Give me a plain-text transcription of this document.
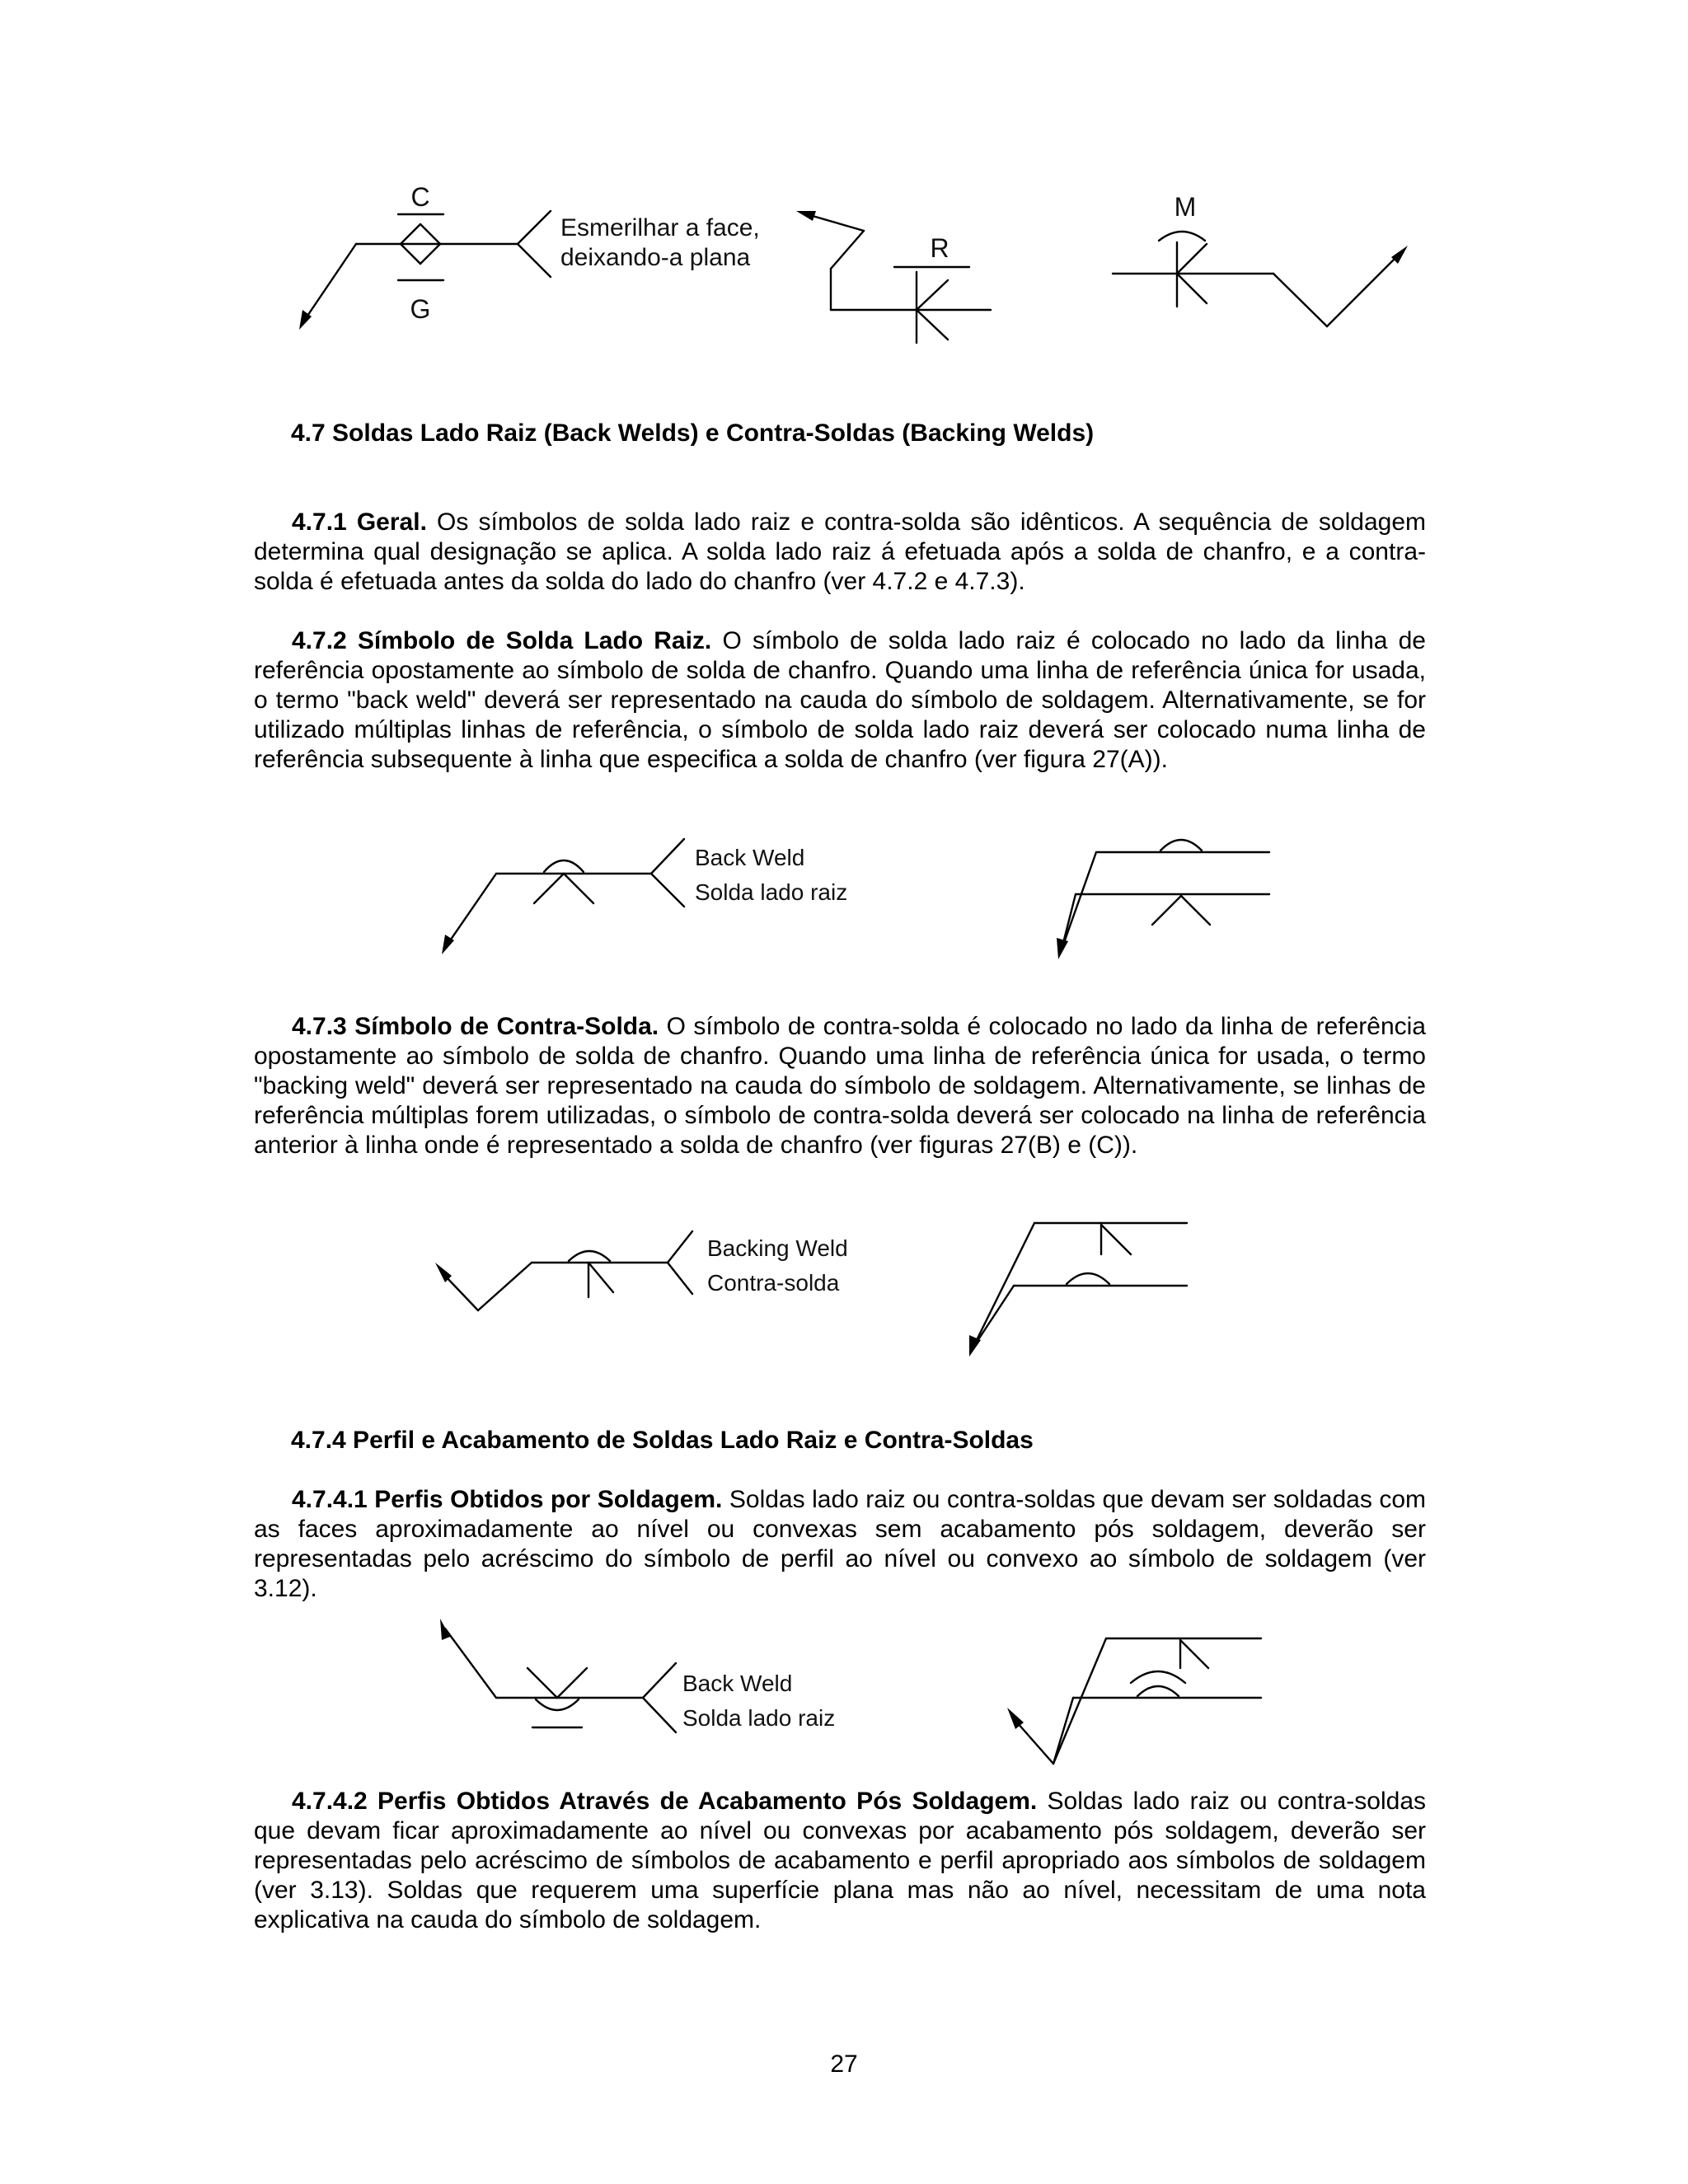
C
G
Esmerilhar a face,
deixando-a plana	R
M
4.7 Soldas Lado Raiz (Back Welds) e Contra-Soldas (Backing Welds)
4.7.1 Geral. Os símbolos de solda lado raiz e contra-solda são idênticos. A sequência de soldagem determina qual designação se aplica. A solda lado raiz á efetuada após a solda de chanfro, e a contra-solda é efetuada antes da solda do lado do chanfro (ver 4.7.2 e 4.7.3).
4.7.2 Símbolo de Solda Lado Raiz. O símbolo de solda lado raiz é colocado no lado da linha de referência opostamente ao símbolo de solda de chanfro. Quando uma linha de referência única for usada, o termo "back weld" deverá ser representado na cauda do símbolo de soldagem. Alternativamente, se for utilizado múltiplas linhas de referência, o símbolo de solda lado raiz deverá ser colocado numa linha de referência subsequente à linha que especifica a solda de chanfro (ver figura 27(A)).
Back Weld
Solda lado raiz
4.7.3 Símbolo de Contra-Solda. O símbolo de contra-solda é colocado no lado da linha de referência opostamente ao símbolo de solda de chanfro. Quando uma linha de referência única for usada, o termo "backing weld" deverá ser representado na cauda do símbolo de soldagem. Alternativamente, se linhas de referência múltiplas forem utilizadas, o símbolo de contra-solda deverá ser colocado na linha de referência anterior à linha onde é representado a solda de chanfro (ver figuras 27(B) e (C)).
Backing Weld
Contra-solda
4.7.4 Perfil e Acabamento de Soldas Lado Raiz e Contra-Soldas
4.7.4.1 Perfis Obtidos por Soldagem. Soldas lado raiz ou contra-soldas que devam ser soldadas com as faces aproximadamente ao nível ou convexas sem acabamento pós soldagem, deverão ser representadas pelo acréscimo do símbolo de perfil ao nível ou convexo ao símbolo de soldagem (ver 3.12).
Back Weld
Solda lado raiz
4.7.4.2 Perfis Obtidos Através de Acabamento Pós Soldagem. Soldas lado raiz ou contra-soldas que devam ficar aproximadamente ao nível ou convexas por acabamento pós soldagem, deverão ser representadas pelo acréscimo de símbolos de acabamento e perfil apropriado aos símbolos de soldagem (ver 3.13). Soldas que requerem uma superfície plana mas não ao nível, necessitam de uma nota explicativa na cauda do símbolo de soldagem.
27
